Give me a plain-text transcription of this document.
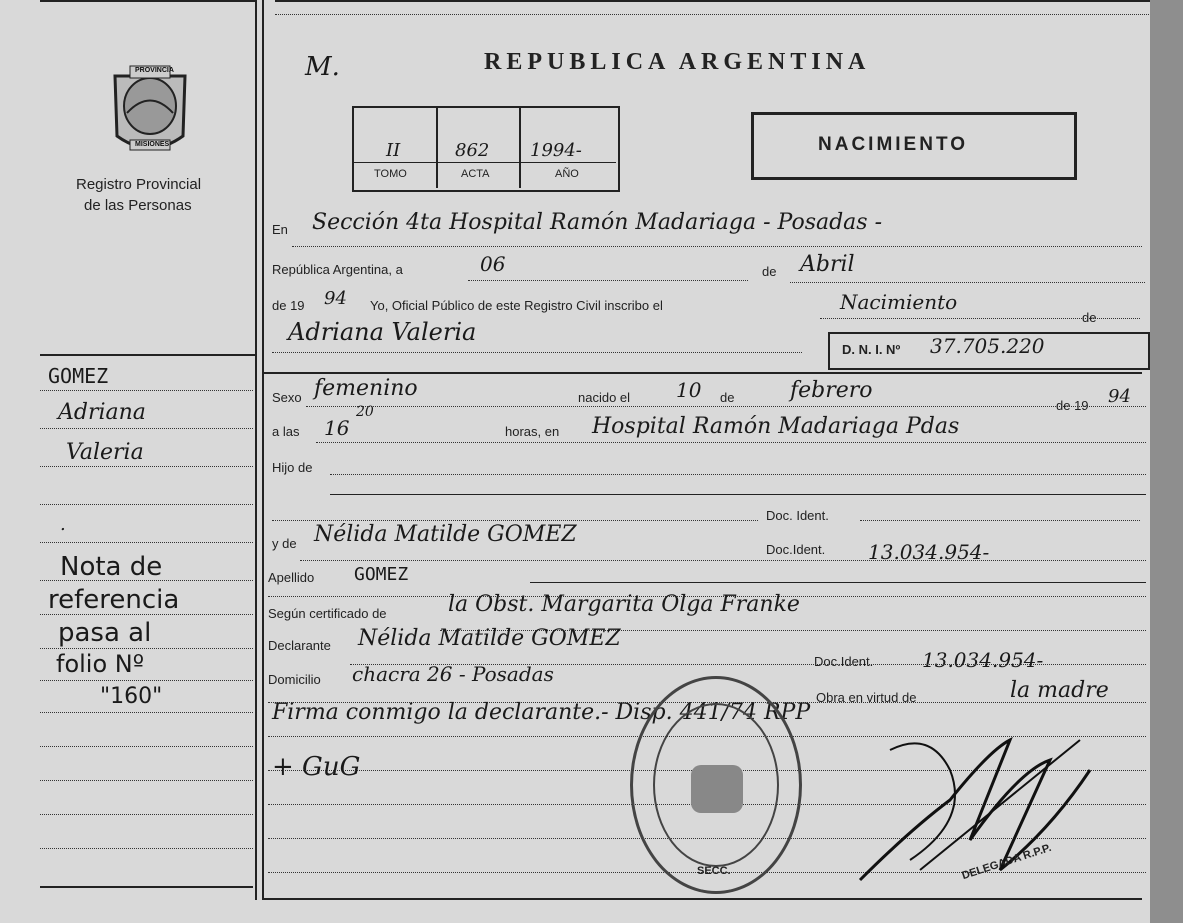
PROVINCIA
MISIONES
Registro Provincial
de las Personas
GOMEZ
Adriana
Valeria
.
Nota de
referencia
pasa al
folio Nº
"160"
M.	REPUBLICA ARGENTINA
II	862 1994-
TOMO	ACTA	AÑO
NACIMIENTO
En Sección 4ta Hospital Ramón Madariaga - Posadas -
República Argentina, a	06	de Abril
de 19 94 Yo, Oficial Público de este Registro Civil inscribo el	Nacimiento
de
Adriana Valeria
D. N. I. Nº 37.705.220
Sexo femenino	nacido el 10 de	febrero
de 19 94
a las 16
20
horas, en Hospital Ramón Madariaga Pdas
Hijo de
Doc. Ident.
y de Nélida Matilde GOMEZ
Doc.Ident. 13.034.954-
Apellido GOMEZ
Según certificado de	la Obst. Margarita Olga Franke
Declarante Nélida Matilde GOMEZ
Doc.Ident. 13.034.954-
Domicilio chacra 26 - Posadas
Obra en virtud de	la madre
Firma conmigo la declarante.- Disp. 441/74 RPP
+ GuG
SECC.	DELEGADA R.P.P.
